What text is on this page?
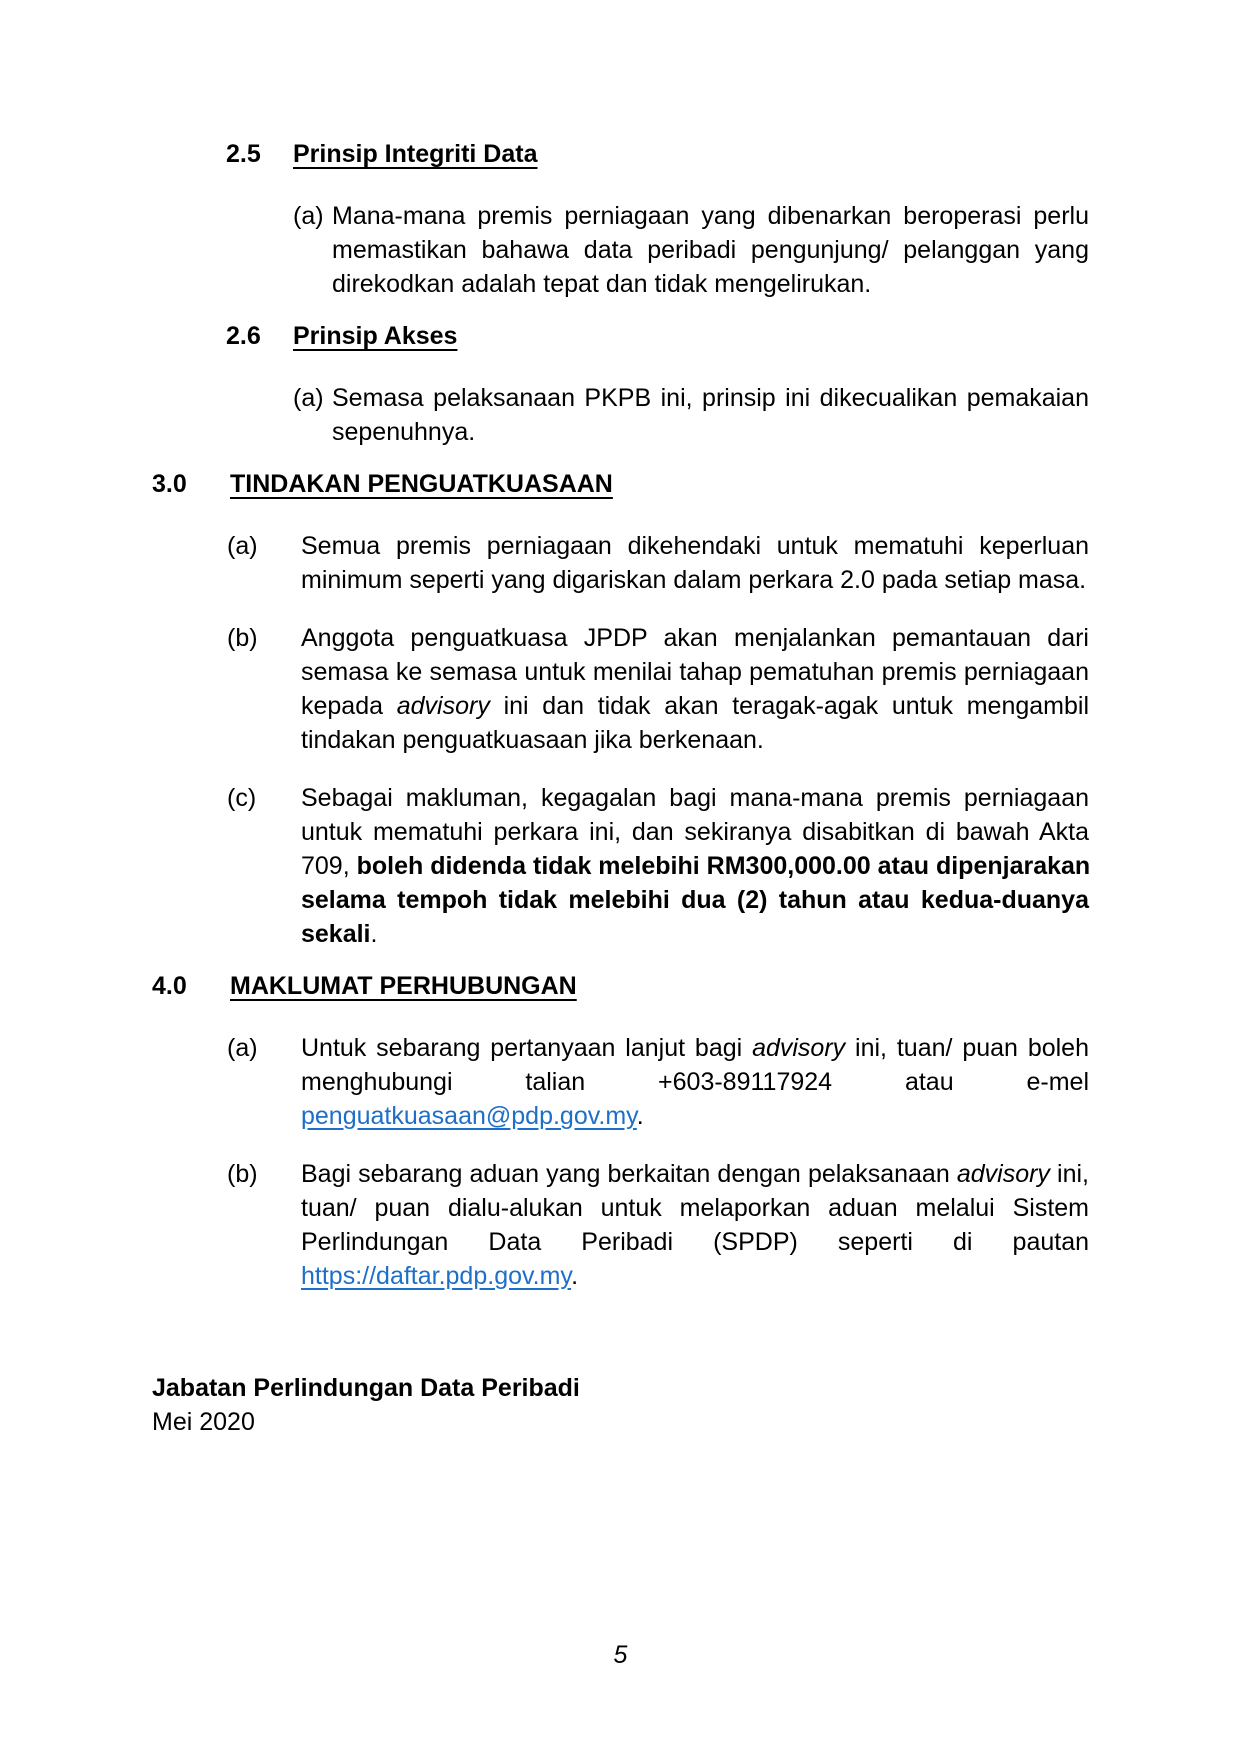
2.5	Prinsip Integriti Data
(a) Mana-mana premis perniagaan yang dibenarkan beroperasi perlu
memastikan bahawa data peribadi pengunjung/ pelanggan yang
direkodkan adalah tepat dan tidak mengelirukan.
2.6	Prinsip Akses
(a) Semasa pelaksanaan PKPB ini, prinsip ini dikecualikan pemakaian
sepenuhnya.
3.0	TINDAKAN PENGUATKUASAAN
(a)	Semua premis perniagaan dikehendaki untuk mematuhi keperluan
minimum seperti yang digariskan dalam perkara 2.0 pada setiap masa.
(b)	Anggota penguatkuasa JPDP akan menjalankan pemantauan dari
semasa ke semasa untuk menilai tahap pematuhan premis perniagaan
kepada advisory ini dan tidak akan teragak-agak untuk mengambil
tindakan penguatkuasaan jika berkenaan.
(c)	Sebagai makluman, kegagalan bagi mana-mana premis perniagaan
untuk mematuhi perkara ini, dan sekiranya disabitkan di bawah Akta
709, boleh didenda tidak melebihi RM300,000.00 atau dipenjarakan
selama tempoh tidak melebihi dua (2) tahun atau kedua-duanya
sekali.
4.0	MAKLUMAT PERHUBUNGAN
(a)	Untuk sebarang pertanyaan lanjut bagi advisory ini, tuan/ puan boleh
menghubungi talian +603-89117924 atau e-mel
penguatkuasaan@pdp.gov.my.
(b)	Bagi sebarang aduan yang berkaitan dengan pelaksanaan advisory ini,
tuan/ puan dialu-alukan untuk melaporkan aduan melalui Sistem
Perlindungan Data Peribadi (SPDP) seperti di pautan
https://daftar.pdp.gov.my.
Jabatan Perlindungan Data Peribadi
Mei 2020
5
